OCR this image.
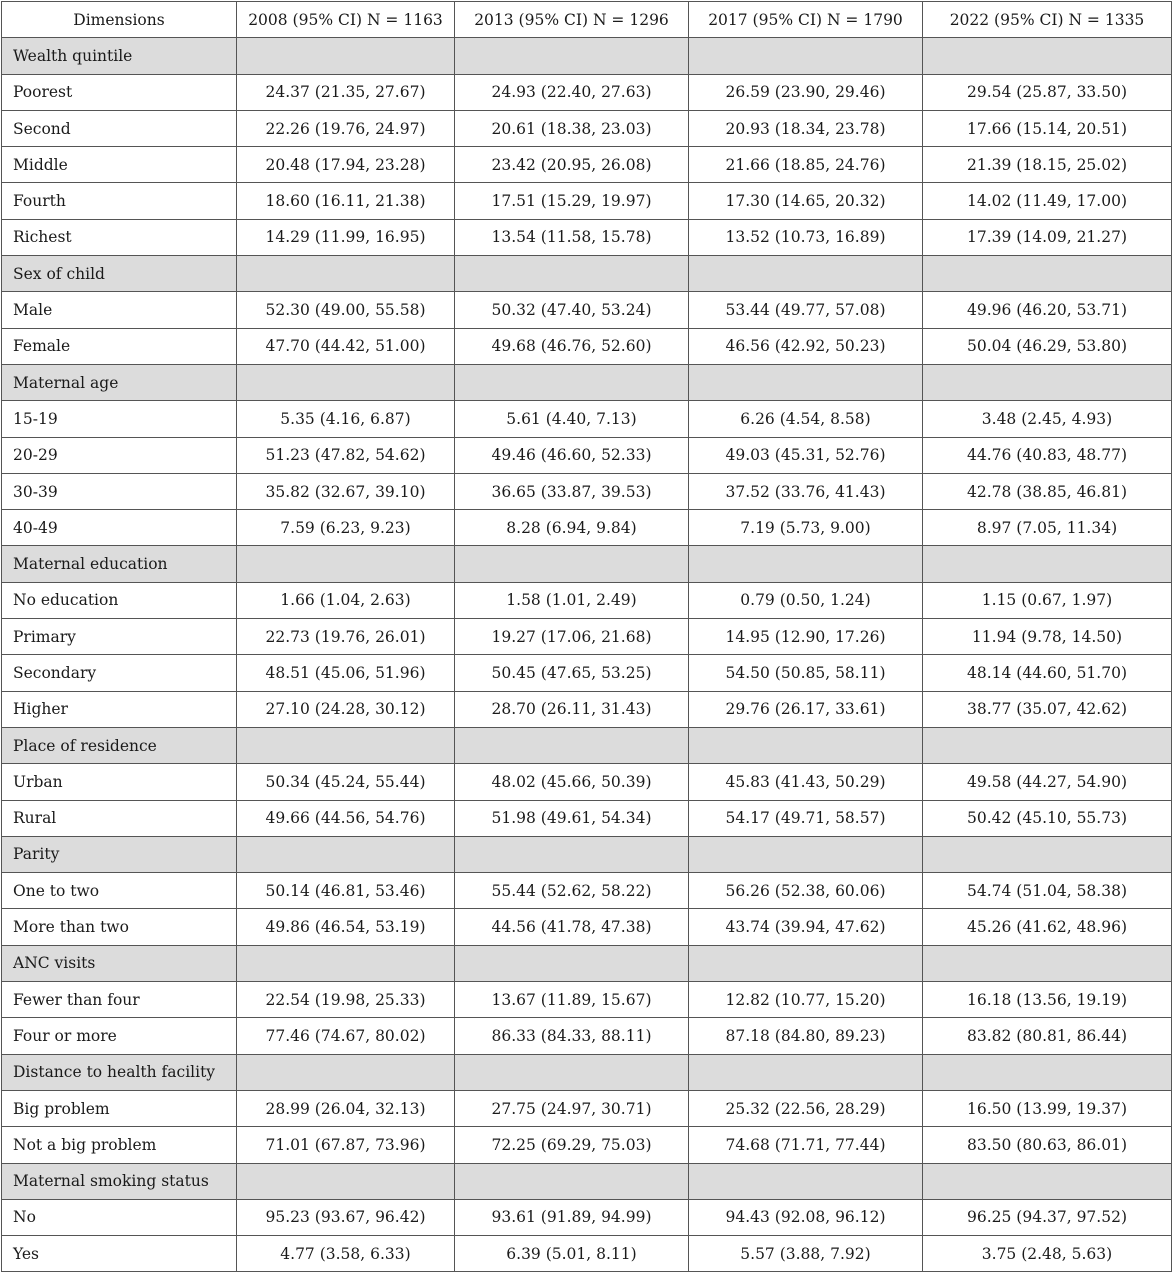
Dimensions	2008 (95% CI) N = 1163	2013 (95% CI) N = 1296	2017 (95% CI) N = 1790	2022 (95% CI) N = 1335
Wealth quintile				
Poorest	24.37 (21.35, 27.67)	24.93 (22.40, 27.63)	26.59 (23.90, 29.46)	29.54 (25.87, 33.50)
Second	22.26 (19.76, 24.97)	20.61 (18.38, 23.03)	20.93 (18.34, 23.78)	17.66 (15.14, 20.51)
Middle	20.48 (17.94, 23.28)	23.42 (20.95, 26.08)	21.66 (18.85, 24.76)	21.39 (18.15, 25.02)
Fourth	18.60 (16.11, 21.38)	17.51 (15.29, 19.97)	17.30 (14.65, 20.32)	14.02 (11.49, 17.00)
Richest	14.29 (11.99, 16.95)	13.54 (11.58, 15.78)	13.52 (10.73, 16.89)	17.39 (14.09, 21.27)
Sex of child				
Male	52.30 (49.00, 55.58)	50.32 (47.40, 53.24)	53.44 (49.77, 57.08)	49.96 (46.20, 53.71)
Female	47.70 (44.42, 51.00)	49.68 (46.76, 52.60)	46.56 (42.92, 50.23)	50.04 (46.29, 53.80)
Maternal age				
15-19	5.35 (4.16, 6.87)	5.61 (4.40, 7.13)	6.26 (4.54, 8.58)	3.48 (2.45, 4.93)
20-29	51.23 (47.82, 54.62)	49.46 (46.60, 52.33)	49.03 (45.31, 52.76)	44.76 (40.83, 48.77)
30-39	35.82 (32.67, 39.10)	36.65 (33.87, 39.53)	37.52 (33.76, 41.43)	42.78 (38.85, 46.81)
40-49	7.59 (6.23, 9.23)	8.28 (6.94, 9.84)	7.19 (5.73, 9.00)	8.97 (7.05, 11.34)
Maternal education				
No education	1.66 (1.04, 2.63)	1.58 (1.01, 2.49)	0.79 (0.50, 1.24)	1.15 (0.67, 1.97)
Primary	22.73 (19.76, 26.01)	19.27 (17.06, 21.68)	14.95 (12.90, 17.26)	11.94 (9.78, 14.50)
Secondary	48.51 (45.06, 51.96)	50.45 (47.65, 53.25)	54.50 (50.85, 58.11)	48.14 (44.60, 51.70)
Higher	27.10 (24.28, 30.12)	28.70 (26.11, 31.43)	29.76 (26.17, 33.61)	38.77 (35.07, 42.62)
Place of residence				
Urban	50.34 (45.24, 55.44)	48.02 (45.66, 50.39)	45.83 (41.43, 50.29)	49.58 (44.27, 54.90)
Rural	49.66 (44.56, 54.76)	51.98 (49.61, 54.34)	54.17 (49.71, 58.57)	50.42 (45.10, 55.73)
Parity				
One to two	50.14 (46.81, 53.46)	55.44 (52.62, 58.22)	56.26 (52.38, 60.06)	54.74 (51.04, 58.38)
More than two	49.86 (46.54, 53.19)	44.56 (41.78, 47.38)	43.74 (39.94, 47.62)	45.26 (41.62, 48.96)
ANC visits				
Fewer than four	22.54 (19.98, 25.33)	13.67 (11.89, 15.67)	12.82 (10.77, 15.20)	16.18 (13.56, 19.19)
Four or more	77.46 (74.67, 80.02)	86.33 (84.33, 88.11)	87.18 (84.80, 89.23)	83.82 (80.81, 86.44)
Distance to health facility				
Big problem	28.99 (26.04, 32.13)	27.75 (24.97, 30.71)	25.32 (22.56, 28.29)	16.50 (13.99, 19.37)
Not a big problem	71.01 (67.87, 73.96)	72.25 (69.29, 75.03)	74.68 (71.71, 77.44)	83.50 (80.63, 86.01)
Maternal smoking status				
No	95.23 (93.67, 96.42)	93.61 (91.89, 94.99)	94.43 (92.08, 96.12)	96.25 (94.37, 97.52)
Yes	4.77 (3.58, 6.33)	6.39 (5.01, 8.11)	5.57 (3.88, 7.92)	3.75 (2.48, 5.63)
